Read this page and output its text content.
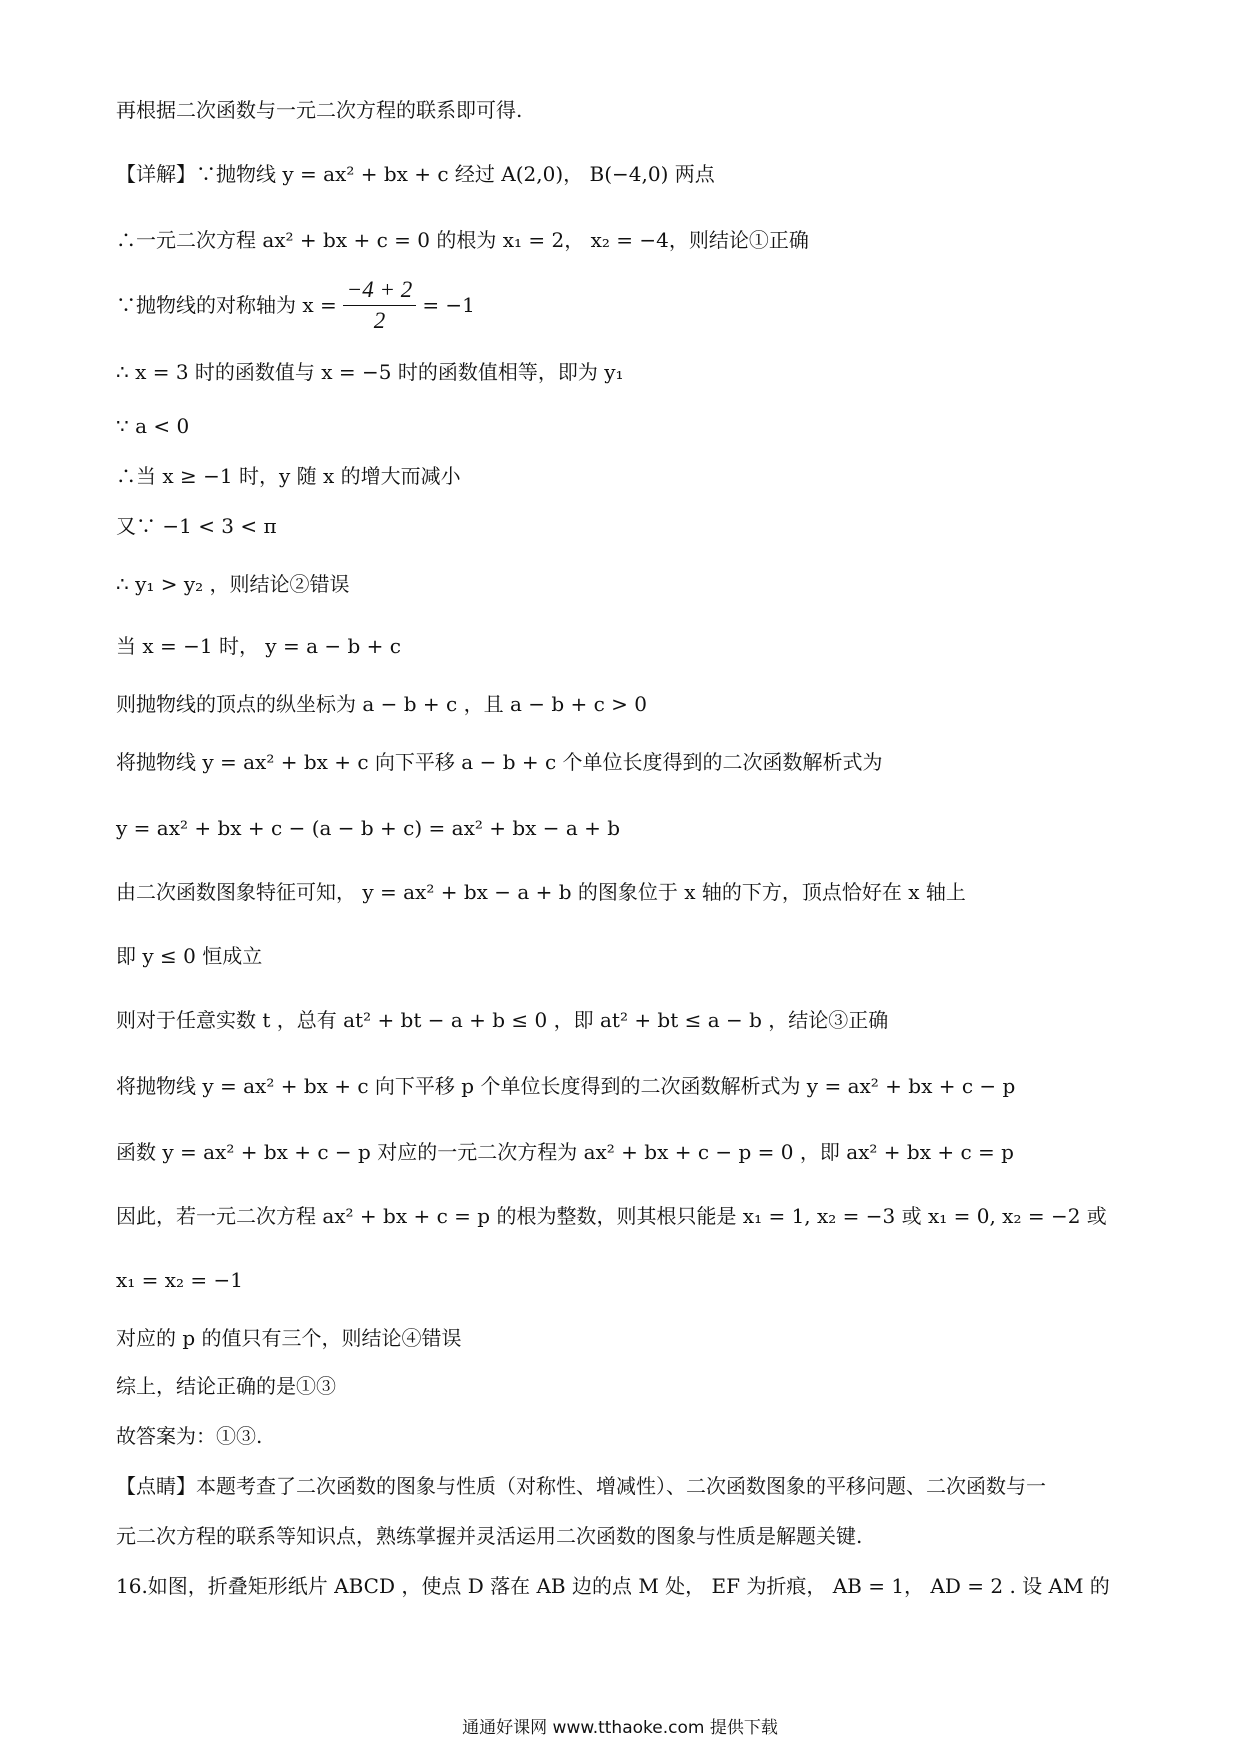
再根据二次函数与一元二次方程的联系即可得.
【详解】∵抛物线 y = ax² + bx + c 经过 A(2,0)， B(−4,0) 两点
∴一元二次方程 ax² + bx + c = 0 的根为 x₁ = 2， x₂ = −4，则结论①正确
∵抛物线的对称轴为 $x = \frac{-4 + 2}{2} = -1$
∴ x = 3 时的函数值与 x = −5 时的函数值相等，即为 y₁
∵ a < 0
∴当 x ≥ −1 时，y 随 x 的增大而减小
又∵ −1 < 3 < π
∴ y₁ > y₂ ，则结论②错误
当 x = −1 时， y = a − b + c
则抛物线的顶点的纵坐标为 a − b + c ，且 a − b + c > 0
将抛物线 y = ax² + bx + c 向下平移 a − b + c 个单位长度得到的二次函数解析式为
y = ax² + bx + c − (a − b + c) = ax² + bx − a + b
由二次函数图象特征可知， y = ax² + bx − a + b 的图象位于 x 轴的下方，顶点恰好在 x 轴上
即 y ≤ 0 恒成立
则对于任意实数 t ，总有 at² + bt − a + b ≤ 0 ，即 at² + bt ≤ a − b ，结论③正确
将抛物线 y = ax² + bx + c 向下平移 p 个单位长度得到的二次函数解析式为 y = ax² + bx + c − p
函数 y = ax² + bx + c − p 对应的一元二次方程为 ax² + bx + c − p = 0 ，即 ax² + bx + c = p
因此，若一元二次方程 ax² + bx + c = p 的根为整数，则其根只能是 x₁ = 1, x₂ = −3 或 x₁ = 0, x₂ = −2 或
x₁ = x₂ = −1
对应的 p 的值只有三个，则结论④错误
综上，结论正确的是①③
故答案为：①③.
【点睛】本题考查了二次函数的图象与性质（对称性、增减性）、二次函数图象的平移问题、二次函数与一
元二次方程的联系等知识点，熟练掌握并灵活运用二次函数的图象与性质是解题关键.
16.如图，折叠矩形纸片 ABCD ，使点 D 落在 AB 边的点 M 处， EF 为折痕， AB = 1， AD = 2 . 设 AM 的
通通好课网 www.tthaoke.com 提供下载
